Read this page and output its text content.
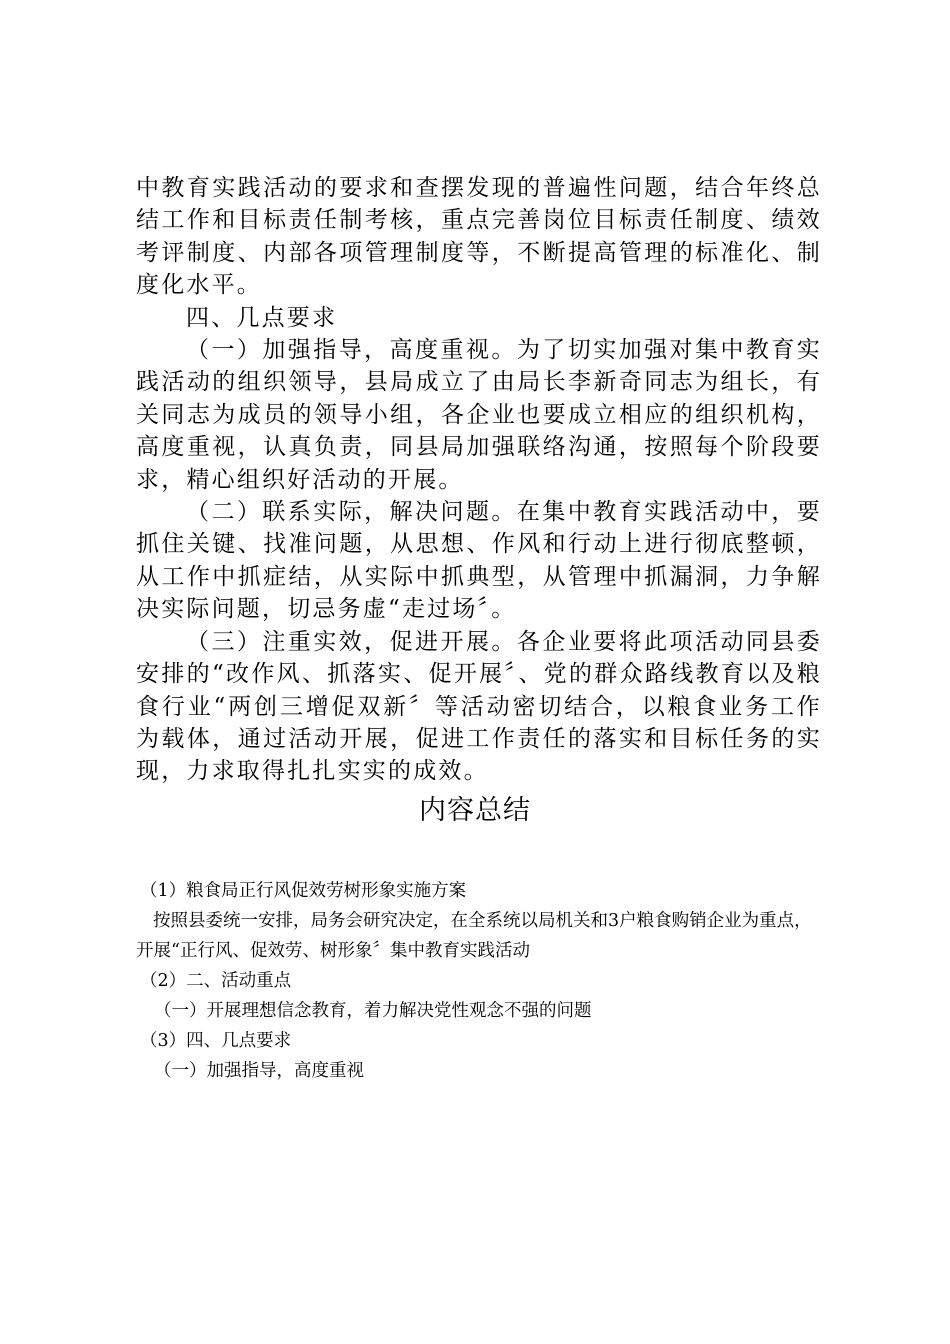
中教育实践活动的要求和查摆发现的普遍性问题，结合年终总结工作和目标责任制考核，重点完善岗位目标责任制度、绩效考评制度、内部各项管理制度等，不断提高管理的标准化、制度化水平。

四、几点要求

（一）加强指导，高度重视。为了切实加强对集中教育实践活动的组织领导，县局成立了由局长李新奇同志为组长，有关同志为成员的领导小组，各企业也要成立相应的组织机构，高度重视，认真负责，同县局加强联络沟通，按照每个阶段要求，精心组织好活动的开展。

（二）联系实际，解决问题。在集中教育实践活动中，要抓住关键、找准问题，从思想、作风和行动上进行彻底整顿，从工作中抓症结，从实际中抓典型，从管理中抓漏洞，力争解决实际问题，切忌务虚“走过场〞。

（三）注重实效，促进开展。各企业要将此项活动同县委安排的“改作风、抓落实、促开展〞、党的群众路线教育以及粮食行业“两创三增促双新〞等活动密切结合，以粮食业务工作为载体，通过活动开展，促进工作责任的落实和目标任务的实现，力求取得扎扎实实的成效。

内容总结

（1）粮食局正行风促效劳树形象实施方案

按照县委统一安排，局务会研究决定，在全系统以局机关和3户粮食购销企业为重点，开展“正行风、促效劳、树形象〞集中教育实践活动

（2）二、活动重点

（一）开展理想信念教育，着力解决党性观念不强的问题

（3）四、几点要求

（一）加强指导，高度重视
